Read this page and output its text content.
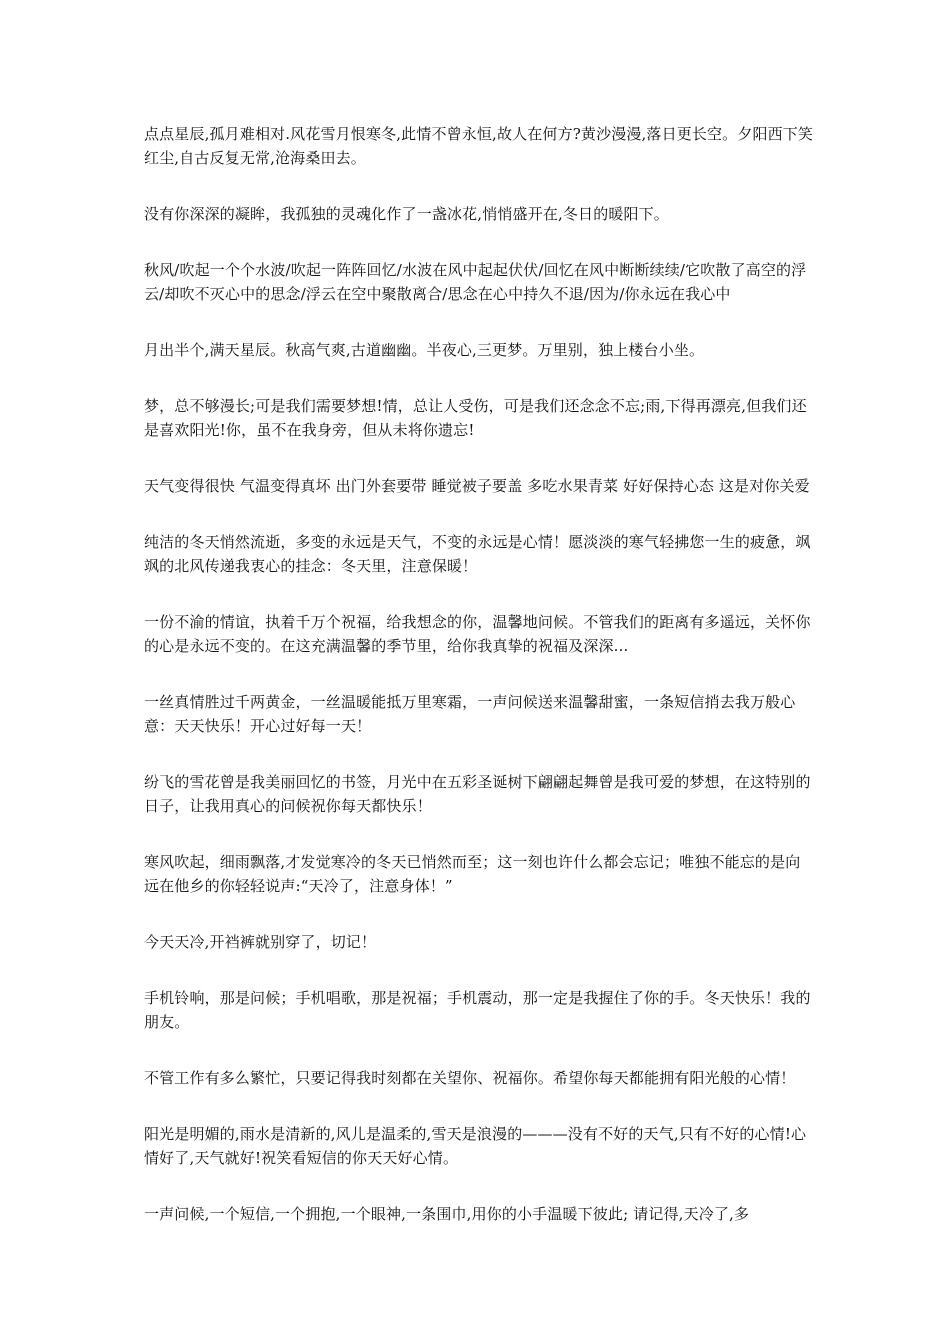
点点星辰,孤月难相对.风花雪月恨寒冬,此情不曾永恒,故人在何方?黄沙漫漫,落日更长空。夕阳西下笑红尘,自古反复无常,沧海桑田去。

没有你深深的凝眸，我孤独的灵魂化作了一盏冰花,悄悄盛开在,冬日的暖阳下。

秋风/吹起一个个水波/吹起一阵阵回忆/水波在风中起起伏伏/回忆在风中断断续续/它吹散了高空的浮云/却吹不灭心中的思念/浮云在空中聚散离合/思念在心中持久不退/因为/你永远在我心中

月出半个,满天星辰。秋高气爽,古道幽幽。半夜心,三更梦。万里别，独上楼台小坐。

梦，总不够漫长;可是我们需要梦想!情，总让人受伤，可是我们还念念不忘;雨,下得再漂亮,但我们还是喜欢阳光!你，虽不在我身旁，但从未将你遗忘!

天气变得很快 气温变得真坏 出门外套要带 睡觉被子要盖 多吃水果青菜 好好保持心态 这是对你关爱

纯洁的冬天悄然流逝，多变的永远是天气，不变的永远是心情！愿淡淡的寒气轻拂您一生的疲惫，飒飒的北风传递我衷心的挂念：冬天里，注意保暖！

一份不渝的情谊，执着千万个祝福，给我想念的你，温馨地问候。不管我们的距离有多遥远，关怀你的心是永远不变的。在这充满温馨的季节里，给你我真挚的祝福及深深...

一丝真情胜过千两黄金，一丝温暖能抵万里寒霜，一声问候送来温馨甜蜜，一条短信捎去我万般心意：天天快乐！开心过好每一天！

纷飞的雪花曾是我美丽回忆的书签，月光中在五彩圣诞树下翩翩起舞曾是我可爱的梦想，在这特别的日子，让我用真心的问候祝你每天都快乐！

寒风吹起，细雨飘落,才发觉寒冷的冬天已悄然而至；这一刻也许什么都会忘记；唯独不能忘的是向远在他乡的你轻轻说声:“天冷了，注意身体！”

今天天冷,开裆裤就别穿了，切记！

手机铃响，那是问候；手机唱歌，那是祝福；手机震动，那一定是我握住了你的手。冬天快乐！我的朋友。

不管工作有多么繁忙，只要记得我时刻都在关望你、祝福你。希望你每天都能拥有阳光般的心情！

阳光是明媚的,雨水是清新的,风儿是温柔的,雪天是浪漫的———没有不好的天气,只有不好的心情!心情好了,天气就好!祝笑看短信的你天天好心情。

一声问候,一个短信,一个拥抱,一个眼神,一条围巾,用你的小手温暖下彼此; 请记得,天冷了,多
